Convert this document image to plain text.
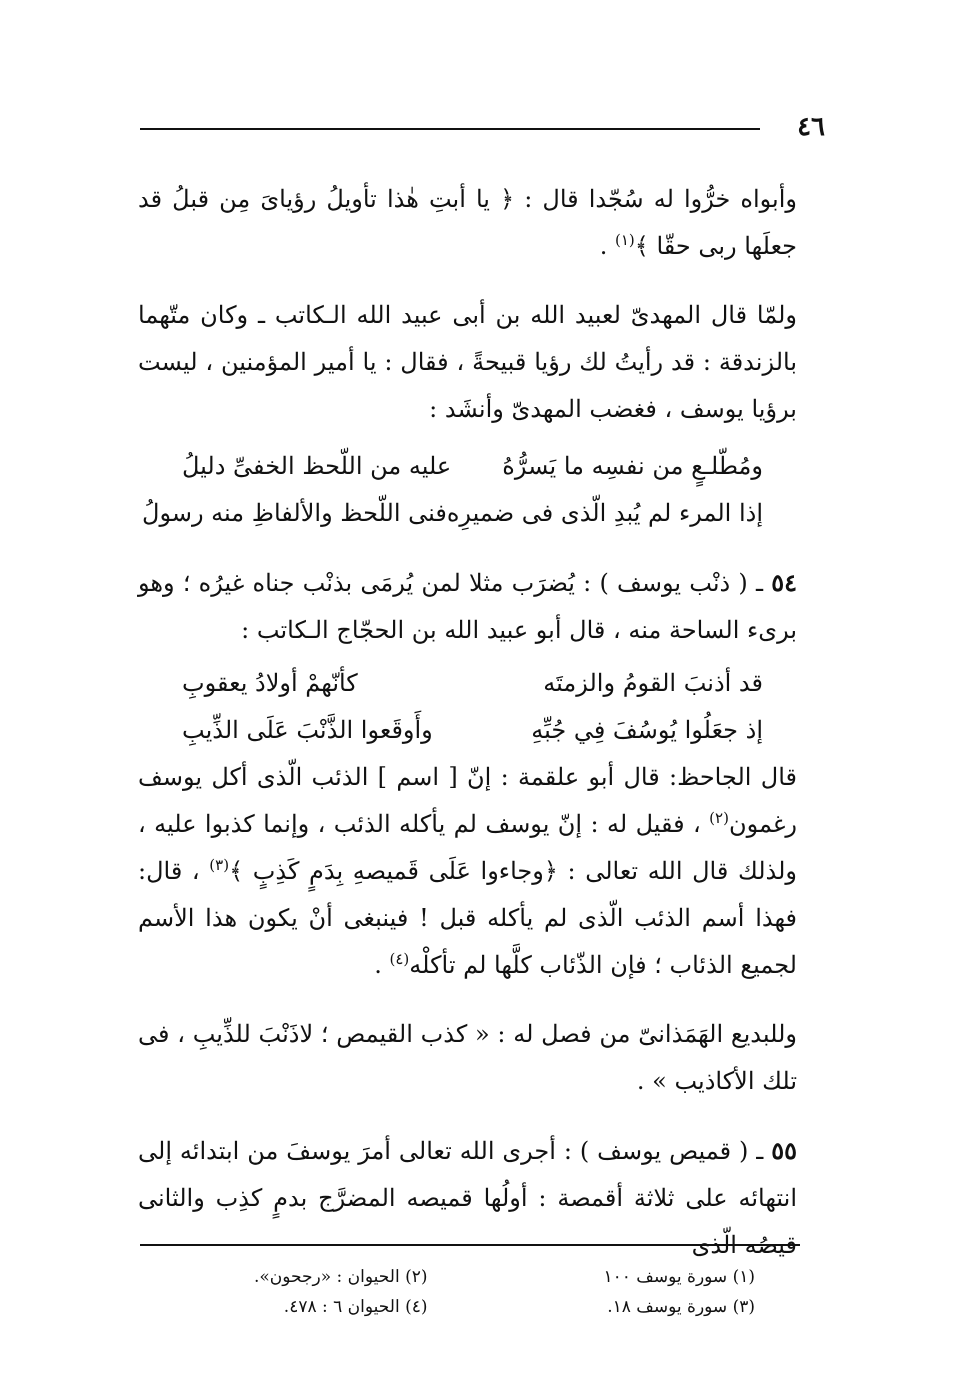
٤٦

وأبواه خرُّوا له سُجّدا قال : ﴿ يا أبتِ هٰذا تأويلُ رؤياىَ مِن قبلُ قد جعلَها ربى حقّا ﴾$^{(١)}$ .

ولمّا قال المهدىّ لعبيد الله بن أبى عبيد الله الـكاتب ـ وكان متّهما بالزندقة : قد رأيتُ لك رؤيا قبيحةً ، فقال : يا أمير المؤمنين ، ليست برؤيا يوسف ، فغضب المهدىّ وأنشَد :

ومُطّلـعٍ من نفسِه ما يَسرُّهُ
عليه من اللّحظ الخفىِّ دليلُ
إذا المرء لم يُبدِ الّذى فى ضميرِه
فنى اللّحظ والألفاظِ منه رسولُ

٥٤ ـ ( ذنْب يوسف ) : يُضرَب مثلا لمن يُرمَى بذنْب جناه غيرُه ؛ وهو برىء الساحة منه ، قال أبو عبيد الله بن الحجّاج الـكاتب :

قد أذنبَ القومُ والزمتَه
كأنّهمْ أولادُ يعقوبِ
إذ جعَلُوا يُوسُفَ فِي جُبِّهِ
وأَوقَعوا الذَّنْبَ عَلَى الذِّيبِ

قال الجاحظ: قال أبو علقمة : إنّ [ اسم ] الذئب الّذى أكل يوسف رغمون$^{(٢)}$ ، فقيل له : إنّ يوسف لم يأكله الذئب ، وإنما كذبوا عليه ، ولذلك قال الله تعالى : ﴿وجاءوا عَلَى قَميصهِ بِدَمٍ كَذِبٍ ﴾$^{(٣)}$ ، قال: فهذا أسم الذئب الّذى لم يأكله قبل ! فينبغى أنْ يكون هذا الأسم لجميع الذئاب ؛ فإن الذّئاب كلَّها لم تأكلْه$^{(٤)}$ .

وللبديع الهَمَذانىّ من فصل له : « كذب القيمص ؛ لاذَنْبَ للذِّيبِ ، فى تلك الأكاذيب » .

٥٥ ـ ( قميص يوسف ) : أجرى الله تعالى أمرَ يوسفَ من ابتدائه إلى انتهائه على ثلاثة أقمصة : أولُها قميصه المضرَّج بدمٍ كذِب والثانى قيصُه الّذى

(١) سورة يوسف ١٠٠
(٢) الحيوان : «رجحون».
(٣) سورة يوسف ١٨.
(٤) الحيوان ٦ : ٤٧٨.
